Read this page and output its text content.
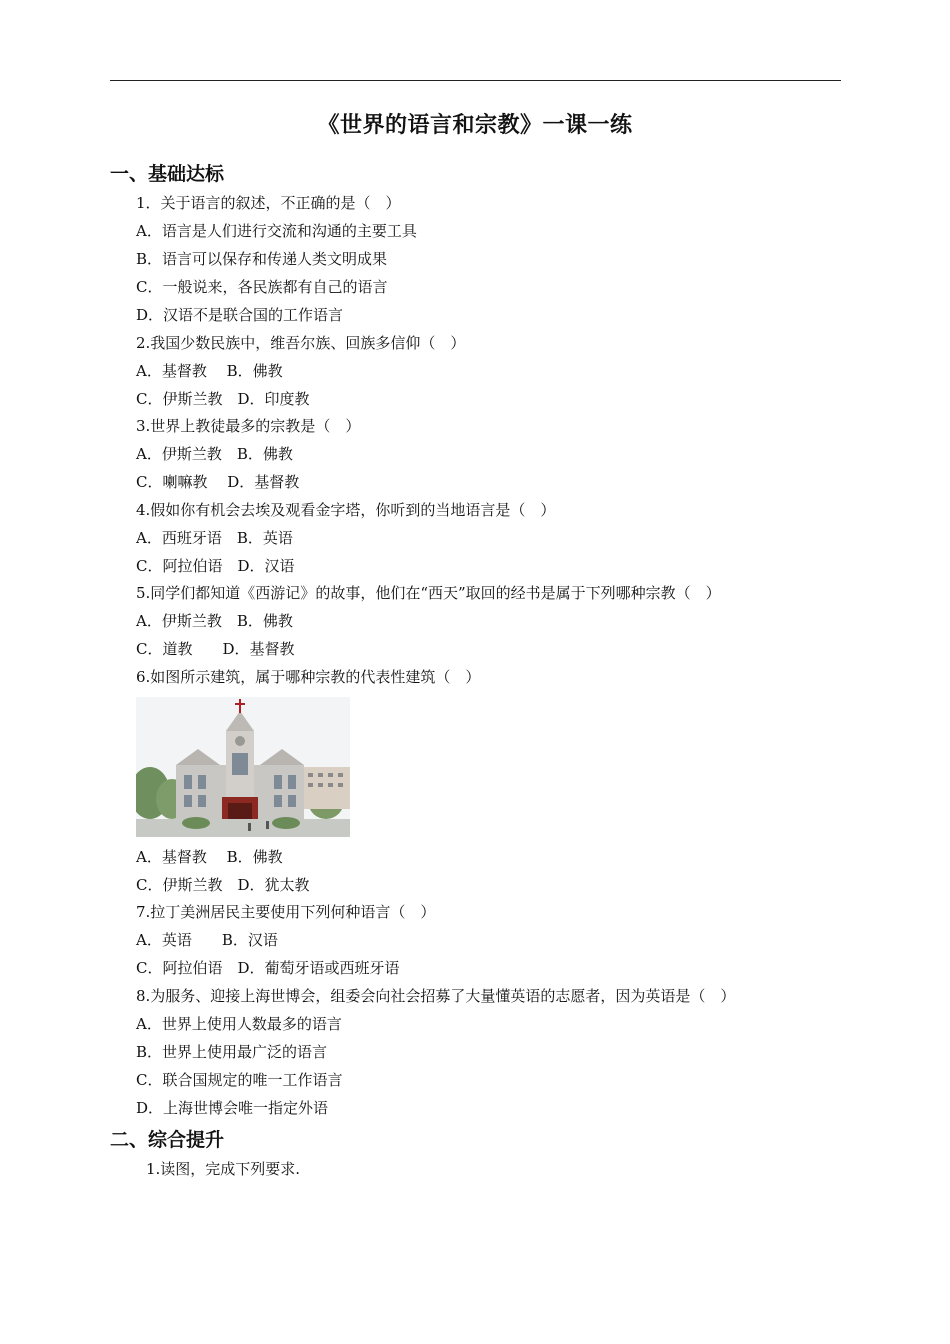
《世界的语言和宗教》一课一练
一、基础达标
1．关于语言的叙述，不正确的是（　）
A．语言是人们进行交流和沟通的主要工具
B．语言可以保存和传递人类文明成果
C．一般说来，各民族都有自己的语言
D．汉语不是联合国的工作语言
2.我国少数民族中，维吾尔族、回族多信仰（　）
A．基督教　 B．佛教
C．伊斯兰教　D．印度教
3.世界上教徒最多的宗教是（　）
A．伊斯兰教　B．佛教
C．喇嘛教　 D．基督教
4.假如你有机会去埃及观看金字塔，你听到的当地语言是（　）
A．西班牙语　B．英语
C．阿拉伯语　D．汉语
5.同学们都知道《西游记》的故事，他们在“西天”取回的经书是属于下列哪种宗教（　）
A．伊斯兰教　B．佛教
C．道教　　D．基督教
6.如图所示建筑，属于哪种宗教的代表性建筑（　）
A．基督教　 B．佛教
C．伊斯兰教　D．犹太教
7.拉丁美洲居民主要使用下列何种语言（　）
A．英语　　B．汉语
C．阿拉伯语　D．葡萄牙语或西班牙语
8.为服务、迎接上海世博会，组委会向社会招募了大量懂英语的志愿者，因为英语是（　）
A．世界上使用人数最多的语言
B．世界上使用最广泛的语言
C．联合国规定的唯一工作语言
D．上海世博会唯一指定外语
二、综合提升
1.读图，完成下列要求.
